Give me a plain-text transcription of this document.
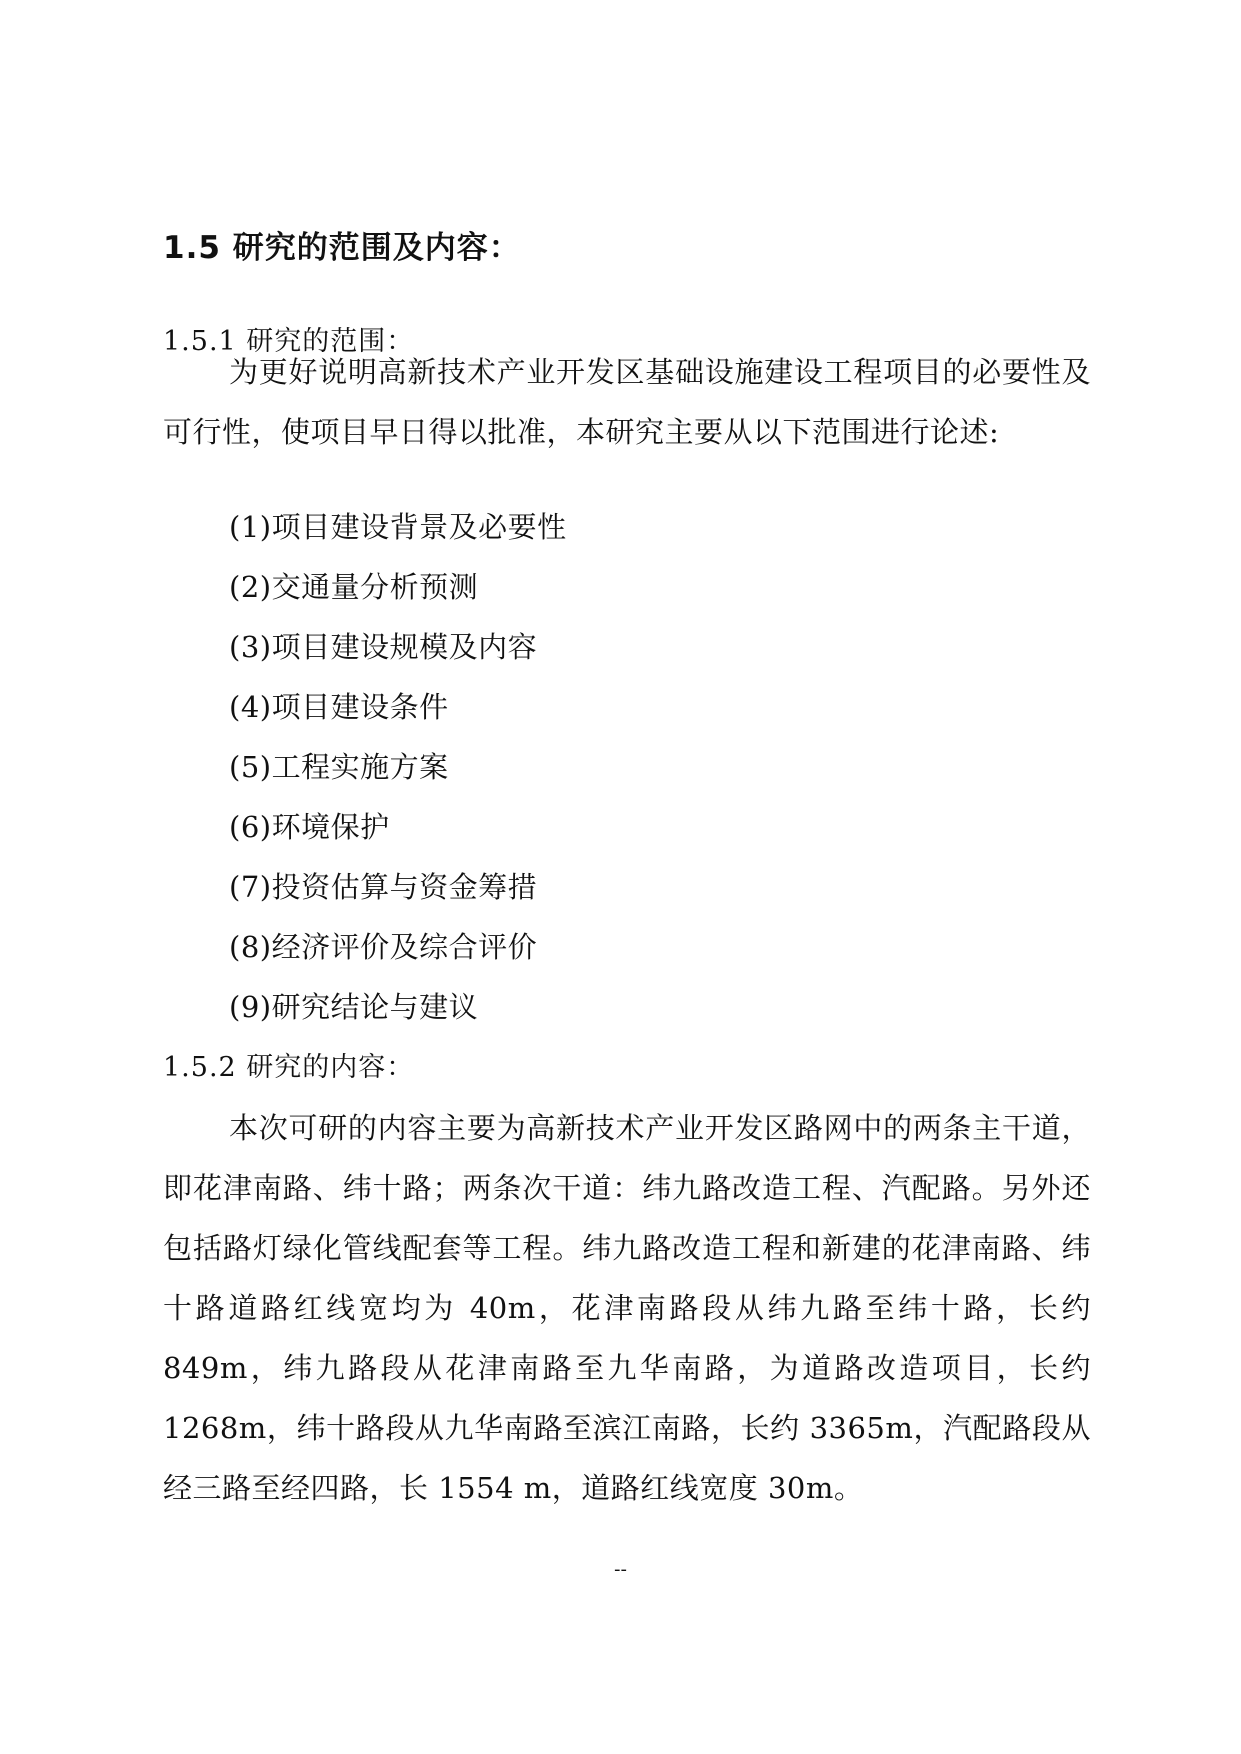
1.5 研究的范围及内容：
1.5.1 研究的范围：

为更好说明高新技术产业开发区基础设施建设工程项目的必要性及可行性，使项目早日得以批准，本研究主要从以下范围进行论述:

(1)项目建设背景及必要性
(2)交通量分析预测
(3)项目建设规模及内容
(4)项目建设条件
(5)工程实施方案
(6)环境保护
(7)投资估算与资金筹措
(8)经济评价及综合评价
(9)研究结论与建议
1.5.2 研究的内容：

本次可研的内容主要为高新技术产业开发区路网中的两条主干道，即花津南路、纬十路；两条次干道：纬九路改造工程、汽配路。另外还包括路灯绿化管线配套等工程。纬九路改造工程和新建的花津南路、纬十路道路红线宽均为 40m，花津南路段从纬九路至纬十路，长约 849m，纬九路段从花津南路至九华南路，为道路改造项目，长约 1268m，纬十路段从九华南路至滨江南路，长约 3365m，汽配路段从经三路至经四路，长 1554 m，道路红线宽度 30m。

--
